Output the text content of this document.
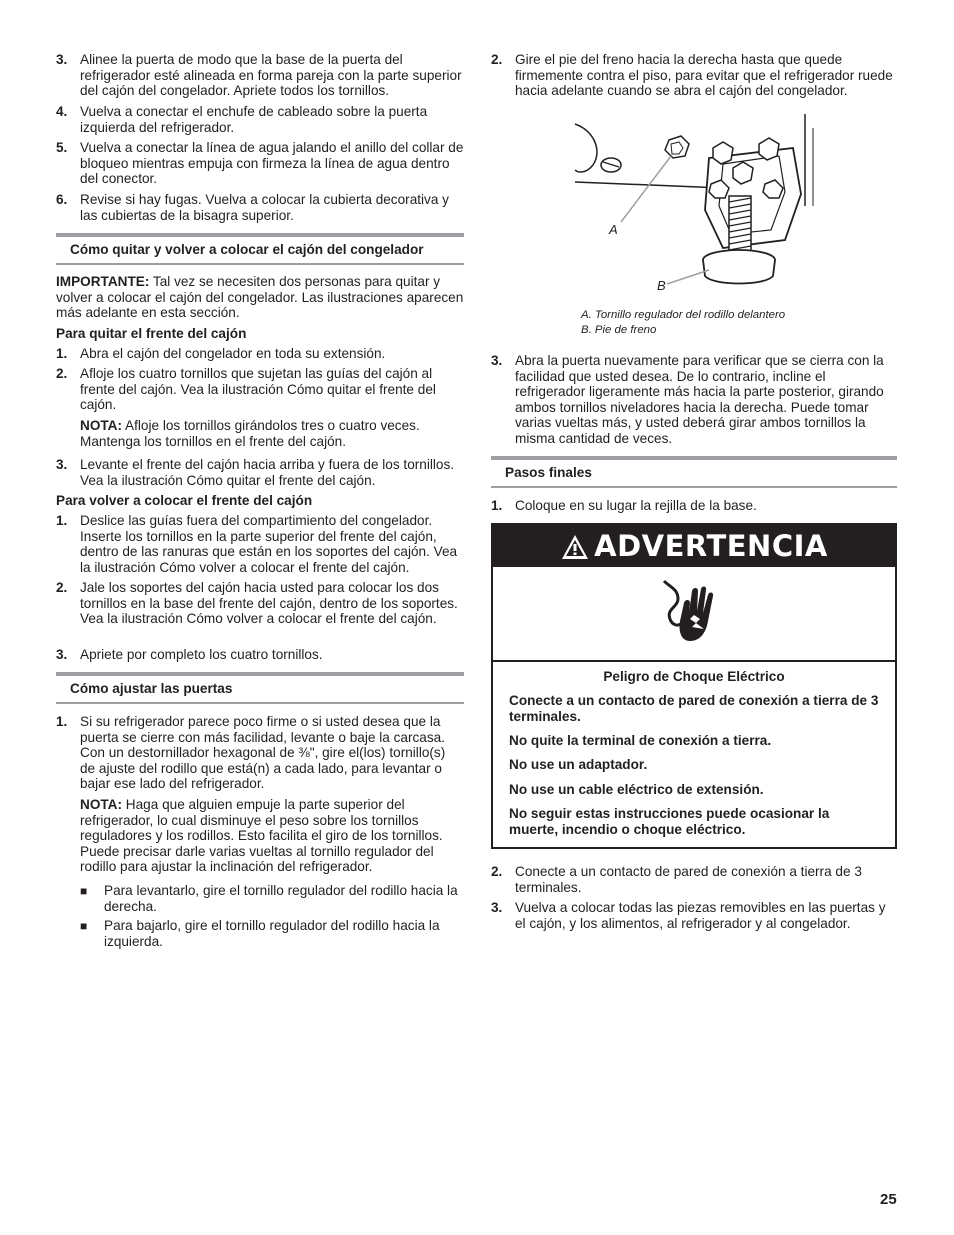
3. Alinee la puerta de modo que la base de la puerta del refrigerador esté alineada en forma pareja con la parte superior del cajón del congelador. Apriete todos los tornillos.
4. Vuelva a conectar el enchufe de cableado sobre la puerta izquierda del refrigerador.
5. Vuelva a conectar la línea de agua jalando el anillo del collar de bloqueo mientras empuja con firmeza la línea de agua dentro del conector.
6. Revise si hay fugas. Vuelva a colocar la cubierta decorativa y las cubiertas de la bisagra superior.
Cómo quitar y volver a colocar el cajón del congelador
IMPORTANTE: Tal vez se necesiten dos personas para quitar y volver a colocar el cajón del congelador. Las ilustraciones aparecen más adelante en esta sección.
Para quitar el frente del cajón
1. Abra el cajón del congelador en toda su extensión.
2. Afloje los cuatro tornillos que sujetan las guías del cajón al frente del cajón. Vea la ilustración Cómo quitar el frente del cajón.
NOTA: Afloje los tornillos girándolos tres o cuatro veces. Mantenga los tornillos en el frente del cajón.
3. Levante el frente del cajón hacia arriba y fuera de los tornillos. Vea la ilustración Cómo quitar el frente del cajón.
Para volver a colocar el frente del cajón
1. Deslice las guías fuera del compartimiento del congelador. Inserte los tornillos en la parte superior del frente del cajón, dentro de las ranuras que están en los soportes del cajón. Vea la ilustración Cómo volver a colocar el frente del cajón.
2. Jale los soportes del cajón hacia usted para colocar los dos tornillos en la base del frente del cajón, dentro de los soportes. Vea la ilustración Cómo volver a colocar el frente del cajón.
3. Apriete por completo los cuatro tornillos.
Cómo ajustar las puertas
1. Si su refrigerador parece poco firme o si usted desea que la puerta se cierre con más facilidad, levante o baje la carcasa. Con un destornillador hexagonal de ⅜", gire el(los) tornillo(s) de ajuste del rodillo que está(n) a cada lado, para levantar o bajar ese lado del refrigerador.
NOTA: Haga que alguien empuje la parte superior del refrigerador, lo cual disminuye el peso sobre los tornillos reguladores y los rodillos. Esto facilita el giro de los tornillos. Puede precisar darle varias vueltas al tornillo regulador del rodillo para ajustar la inclinación del refrigerador.
■ Para levantarlo, gire el tornillo regulador del rodillo hacia la derecha.
■ Para bajarlo, gire el tornillo regulador del rodillo hacia la izquierda.
2. Gire el pie del freno hacia la derecha hasta que quede firmemente contra el piso, para evitar que el refrigerador ruede hacia adelante cuando se abra el cajón del congelador.
A
B
A. Tornillo regulador del rodillo delantero
B. Pie de freno
3. Abra la puerta nuevamente para verificar que se cierra con la facilidad que usted desea. De lo contrario, incline el refrigerador ligeramente más hacia la parte posterior, girando ambos tornillos niveladores hacia la derecha. Puede tomar varias vueltas más, y usted deberá girar ambos tornillos la misma cantidad de veces.
Pasos finales
1. Coloque en su lugar la rejilla de la base.
2. Conecte a un contacto de pared de conexión a tierra de 3 terminales.
3. Vuelva a colocar todas las piezas removibles en las puertas y el cajón, y los alimentos, al refrigerador y al congelador.
ADVERTENCIA
Peligro de Choque Eléctrico
Conecte a un contacto de pared de conexión a tierra de 3 terminales.
No quite la terminal de conexión a tierra.
No use un adaptador.
No use un cable eléctrico de extensión.
No seguir estas instrucciones puede ocasionar la muerte, incendio o choque eléctrico.
25
